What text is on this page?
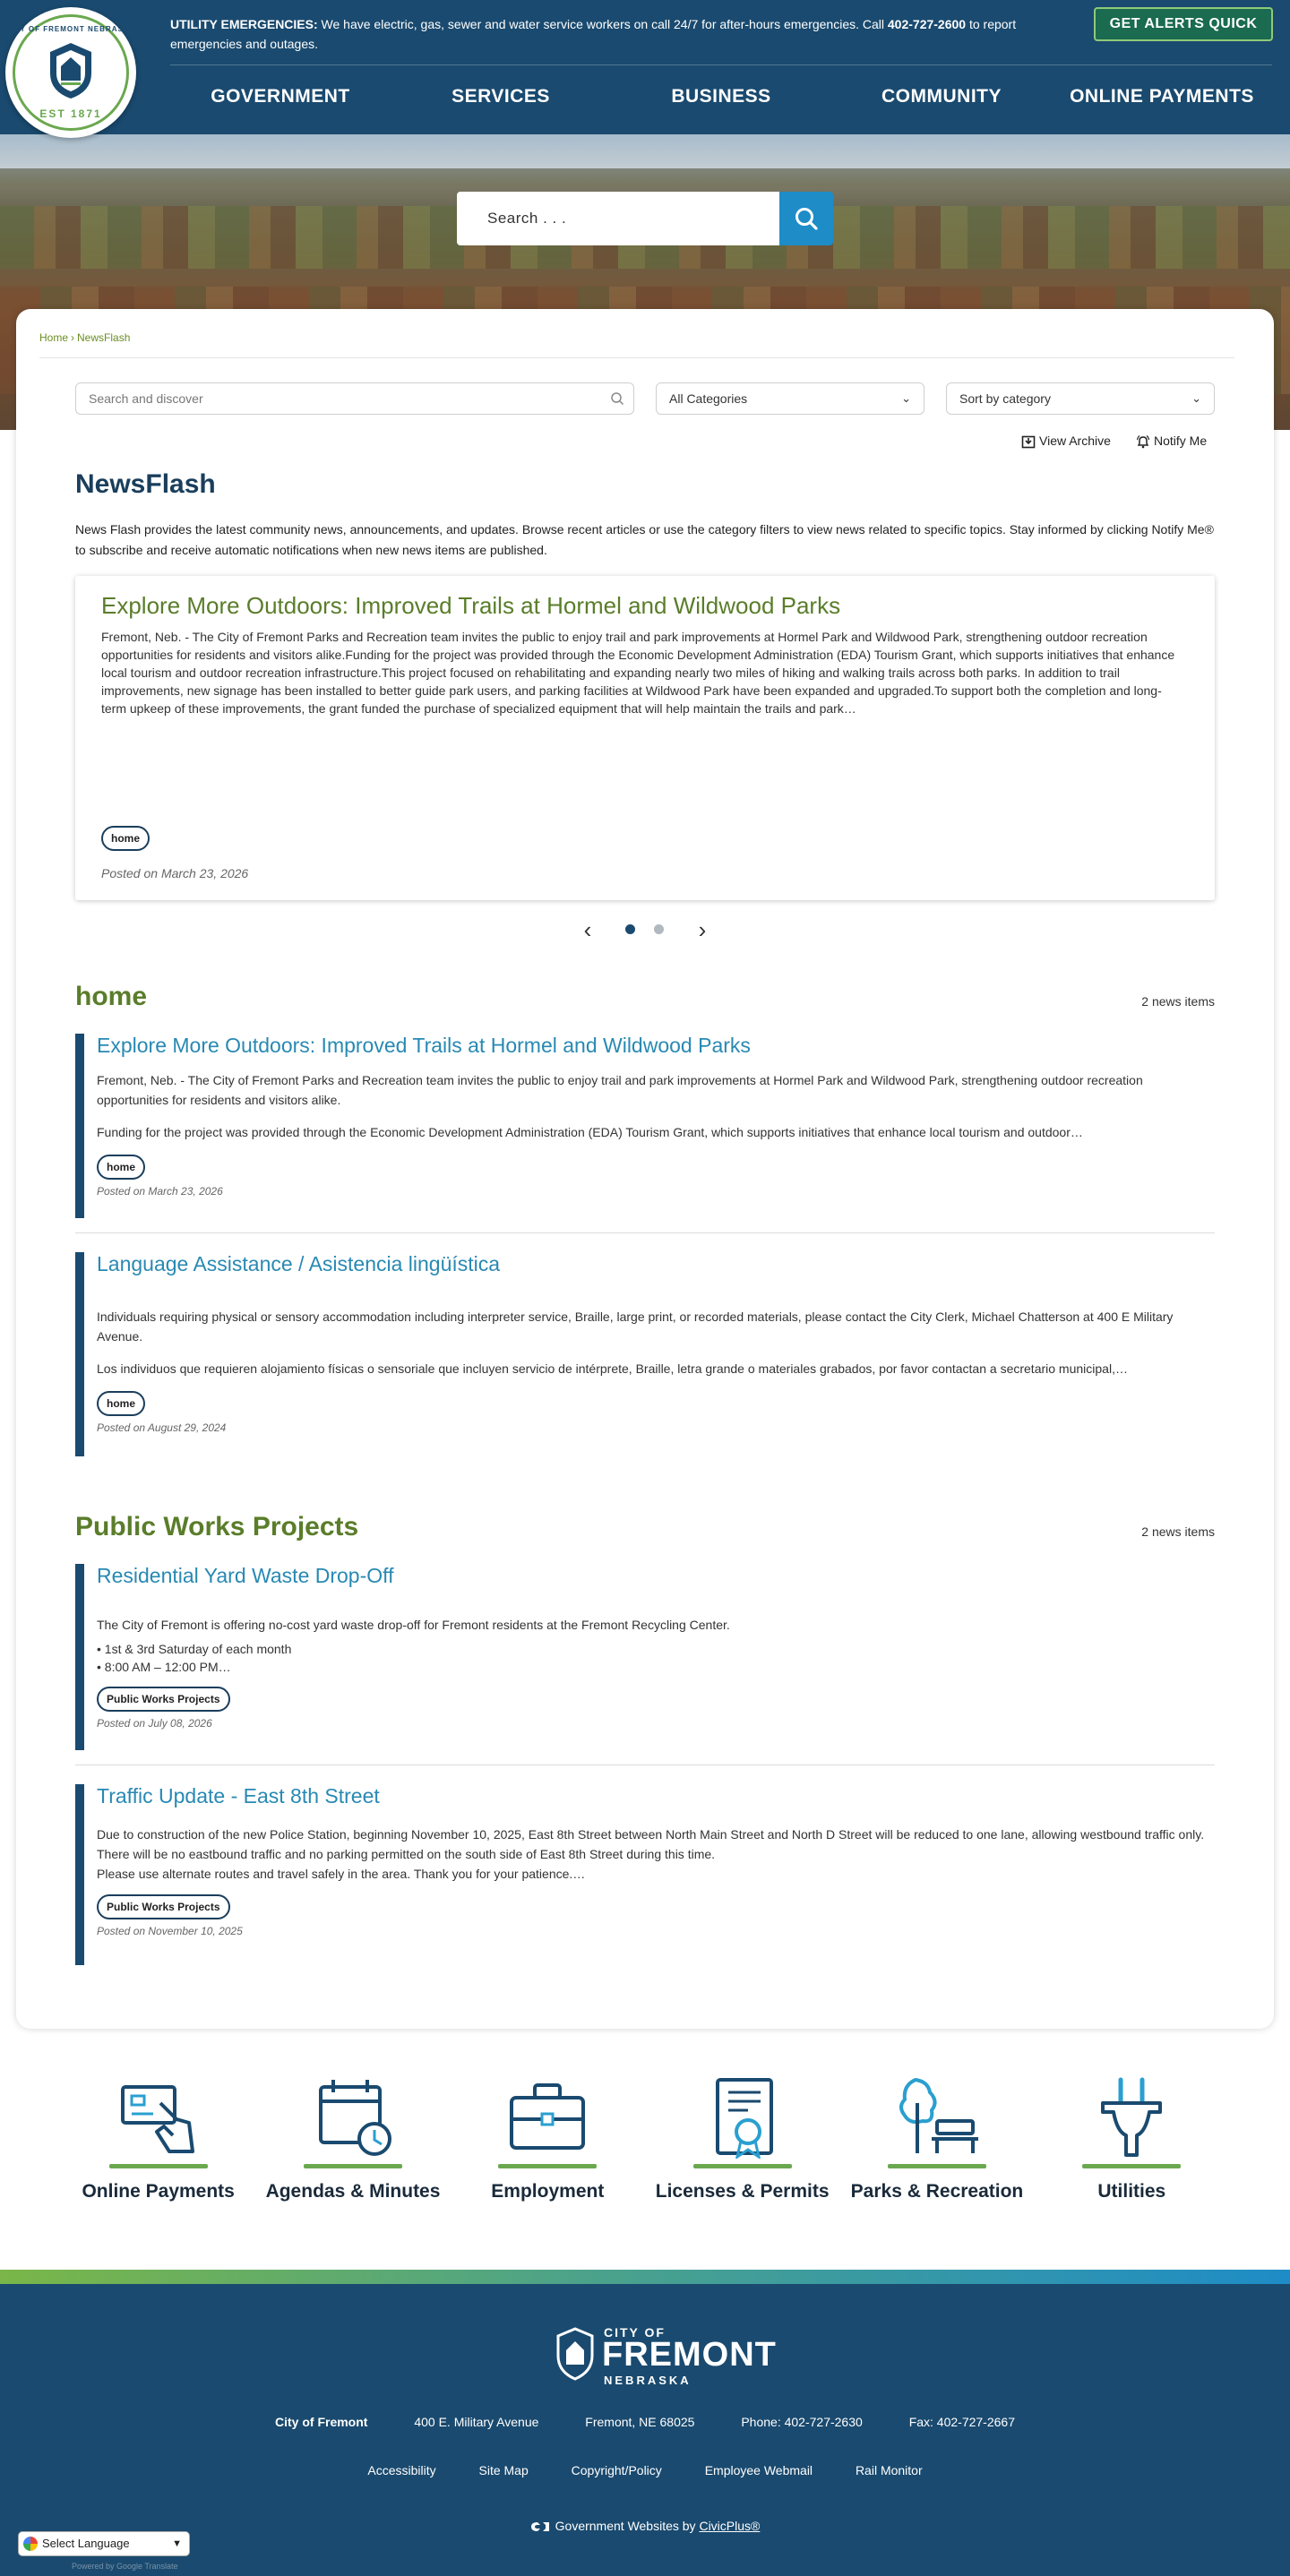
UTILITY EMERGENCIES: We have electric, gas, sewer and water service workers on call 24/7 for after-hours emergencies. Call 402-727-2600 to report emergencies and outages.
GET ALERTS QUICK
GOVERNMENT	SERVICES	BUSINESS	COMMUNITY	ONLINE PAYMENTS
CITY OF FREMONT NEBRASKA
EST 1871
Search . . .
Home › NewsFlash
Search and discover	All Categories	⌄	Sort by category	⌄
View Archive	Notify Me
NewsFlash

News Flash provides the latest community news, announcements, and updates. Browse recent articles or use the category filters to view news related to specific topics. Stay informed by clicking Notify Me® to subscribe and receive automatic notifications when new news items are published.

Explore More Outdoors: Improved Trails at Hormel and Wildwood Parks

Fremont, Neb. - The City of Fremont Parks and Recreation team invites the public to enjoy trail and park improvements at Hormel Park and Wildwood Park, strengthening outdoor recreation opportunities for residents and visitors alike.Funding for the project was provided through the Economic Development Administration (EDA) Tourism Grant, which supports initiatives that enhance local tourism and outdoor recreation infrastructure.This project focused on rehabilitating and expanding nearly two miles of hiking and walking trails across both parks. In addition to trail improvements, new signage has been installed to better guide park users, and parking facilities at Wildwood Park have been expanded and upgraded.To support both the completion and long-term upkeep of these improvements, the grant funded the purchase of specialized equipment that will help maintain the trails and park…

home
Posted on March 23, 2026
‹	›
home	2 news items
Explore More Outdoors: Improved Trails at Hormel and Wildwood Parks

Fremont, Neb. - The City of Fremont Parks and Recreation team invites the public to enjoy trail and park improvements at Hormel Park and Wildwood Park, strengthening outdoor recreation opportunities for residents and visitors alike.

Funding for the project was provided through the Economic Development Administration (EDA) Tourism Grant, which supports initiatives that enhance local tourism and outdoor…

home
Posted on March 23, 2026
Language Assistance / Asistencia lingüística

Individuals requiring physical or sensory accommodation including interpreter service, Braille, large print, or recorded materials, please contact the City Clerk, Michael Chatterson at 400 E Military Avenue.

Los individuos que requieren alojamiento físicas o sensoriale que incluyen servicio de intérprete, Braille, letra grande o materiales grabados, por favor contactan a secretario municipal,…

home
Posted on August 29, 2024
Public Works Projects	2 news items
Residential Yard Waste Drop-Off

The City of Fremont is offering no-cost yard waste drop-off for Fremont residents at the Fremont Recycling Center.

• 1st & 3rd Saturday of each month

• 8:00 AM – 12:00 PM…

Public Works Projects
Posted on July 08, 2026
Traffic Update - East 8th Street

Due to construction of the new Police Station, beginning November 10, 2025, East 8th Street between North Main Street and North D Street will be reduced to one lane, allowing westbound traffic only. There will be no eastbound traffic and no parking permitted on the south side of East 8th Street during this time.

Please use alternate routes and travel safely in the area. Thank you for your patience.…

Public Works Projects
Posted on November 10, 2025
Online Payments	Agendas & Minutes	Employment	Licenses & Permits	Parks & Recreation	Utilities
CITY OF
FREMONT
NEBRASKA
City of Fremont	400 E. Military Avenue	Fremont, NE 68025	Phone: 402-727-2630	Fax: 402-727-2667
Accessibility	Site Map	Copyright/Policy	Employee Webmail	Rail Monitor
Government Websites by CivicPlus®
Select Language	▼
Powered by Google Translate
